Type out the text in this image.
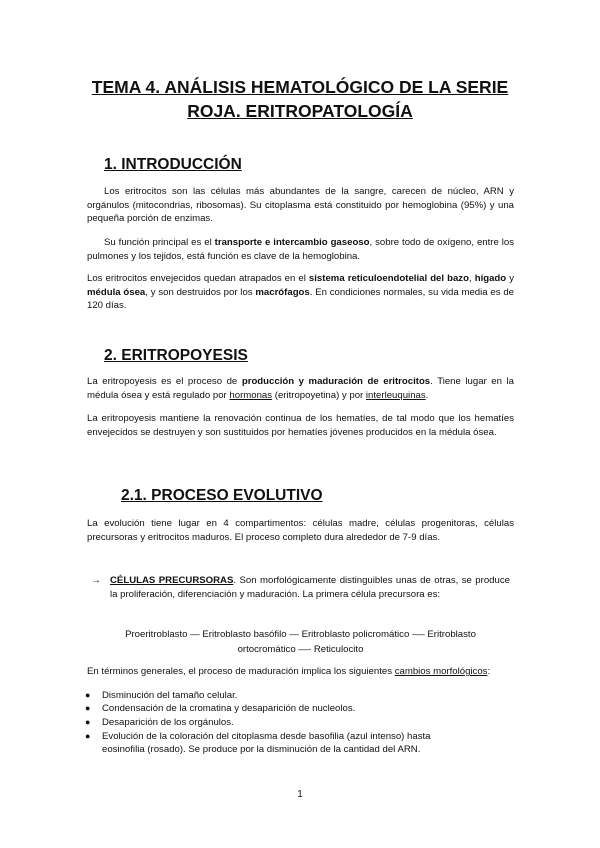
TEMA 4. ANÁLISIS HEMATOLÓGICO DE LA SERIE
ROJA. ERITROPATOLOGÍA
1. INTRODUCCIÓN

Los eritrocitos son las células más abundantes de la sangre, carecen de núcleo, ARN y orgánulos (mitocondrias, ribosomas). Su citoplasma está constituido por hemoglobina (95%) y una pequeña porción de enzimas.

Su función principal es el transporte e intercambio gaseoso, sobre todo de oxígeno, entre los pulmones y los tejidos, está función es clave de la hemoglobina.

Los eritrocitos envejecidos quedan atrapados en el sistema reticuloendotelial del bazo, hígado y médula ósea, y son destruidos por los macrófagos. En condiciones normales, su vida media es de 120 días.

2. ERITROPOYESIS

La eritropoyesis es el proceso de producción y maduración de eritrocitos. Tiene lugar en la médula ósea y está regulado por hormonas (eritropoyetina) y por interleuquinas.

La eritropoyesis mantiene la renovación continua de los hematíes, de tal modo que los hematíes envejecidos se destruyen y son sustituidos por hematíes jóvenes producidos en la médula ósea.

2.1. PROCESO EVOLUTIVO

La evolución tiene lugar en 4 compartimentos: células madre, células progenitoras, células precursoras y eritrocitos maduros. El proceso completo dura alrededor de 7-9 días.

→ CÉLULAS PRECURSORAS. Son morfológicamente distinguibles unas de otras, se produce la proliferación, diferenciación y maduración. La primera célula precursora es:

Proeritroblasto — Eritroblasto basófilo — Eritroblasto policromático -— Eritroblasto
ortocromático —- Reticulocito

En términos generales, el proceso de maduración implica los siguientes cambios morfológicos:

● Disminución del tamaño celular.
● Condensación de la cromatina y desaparición de nucleolos.
● Desaparición de los orgánulos.
● Evolución de la coloración del citoplasma desde basofilia (azul intenso) hasta eosinofilia (rosado). Se produce por la disminución de la cantidad del ARN.
1
